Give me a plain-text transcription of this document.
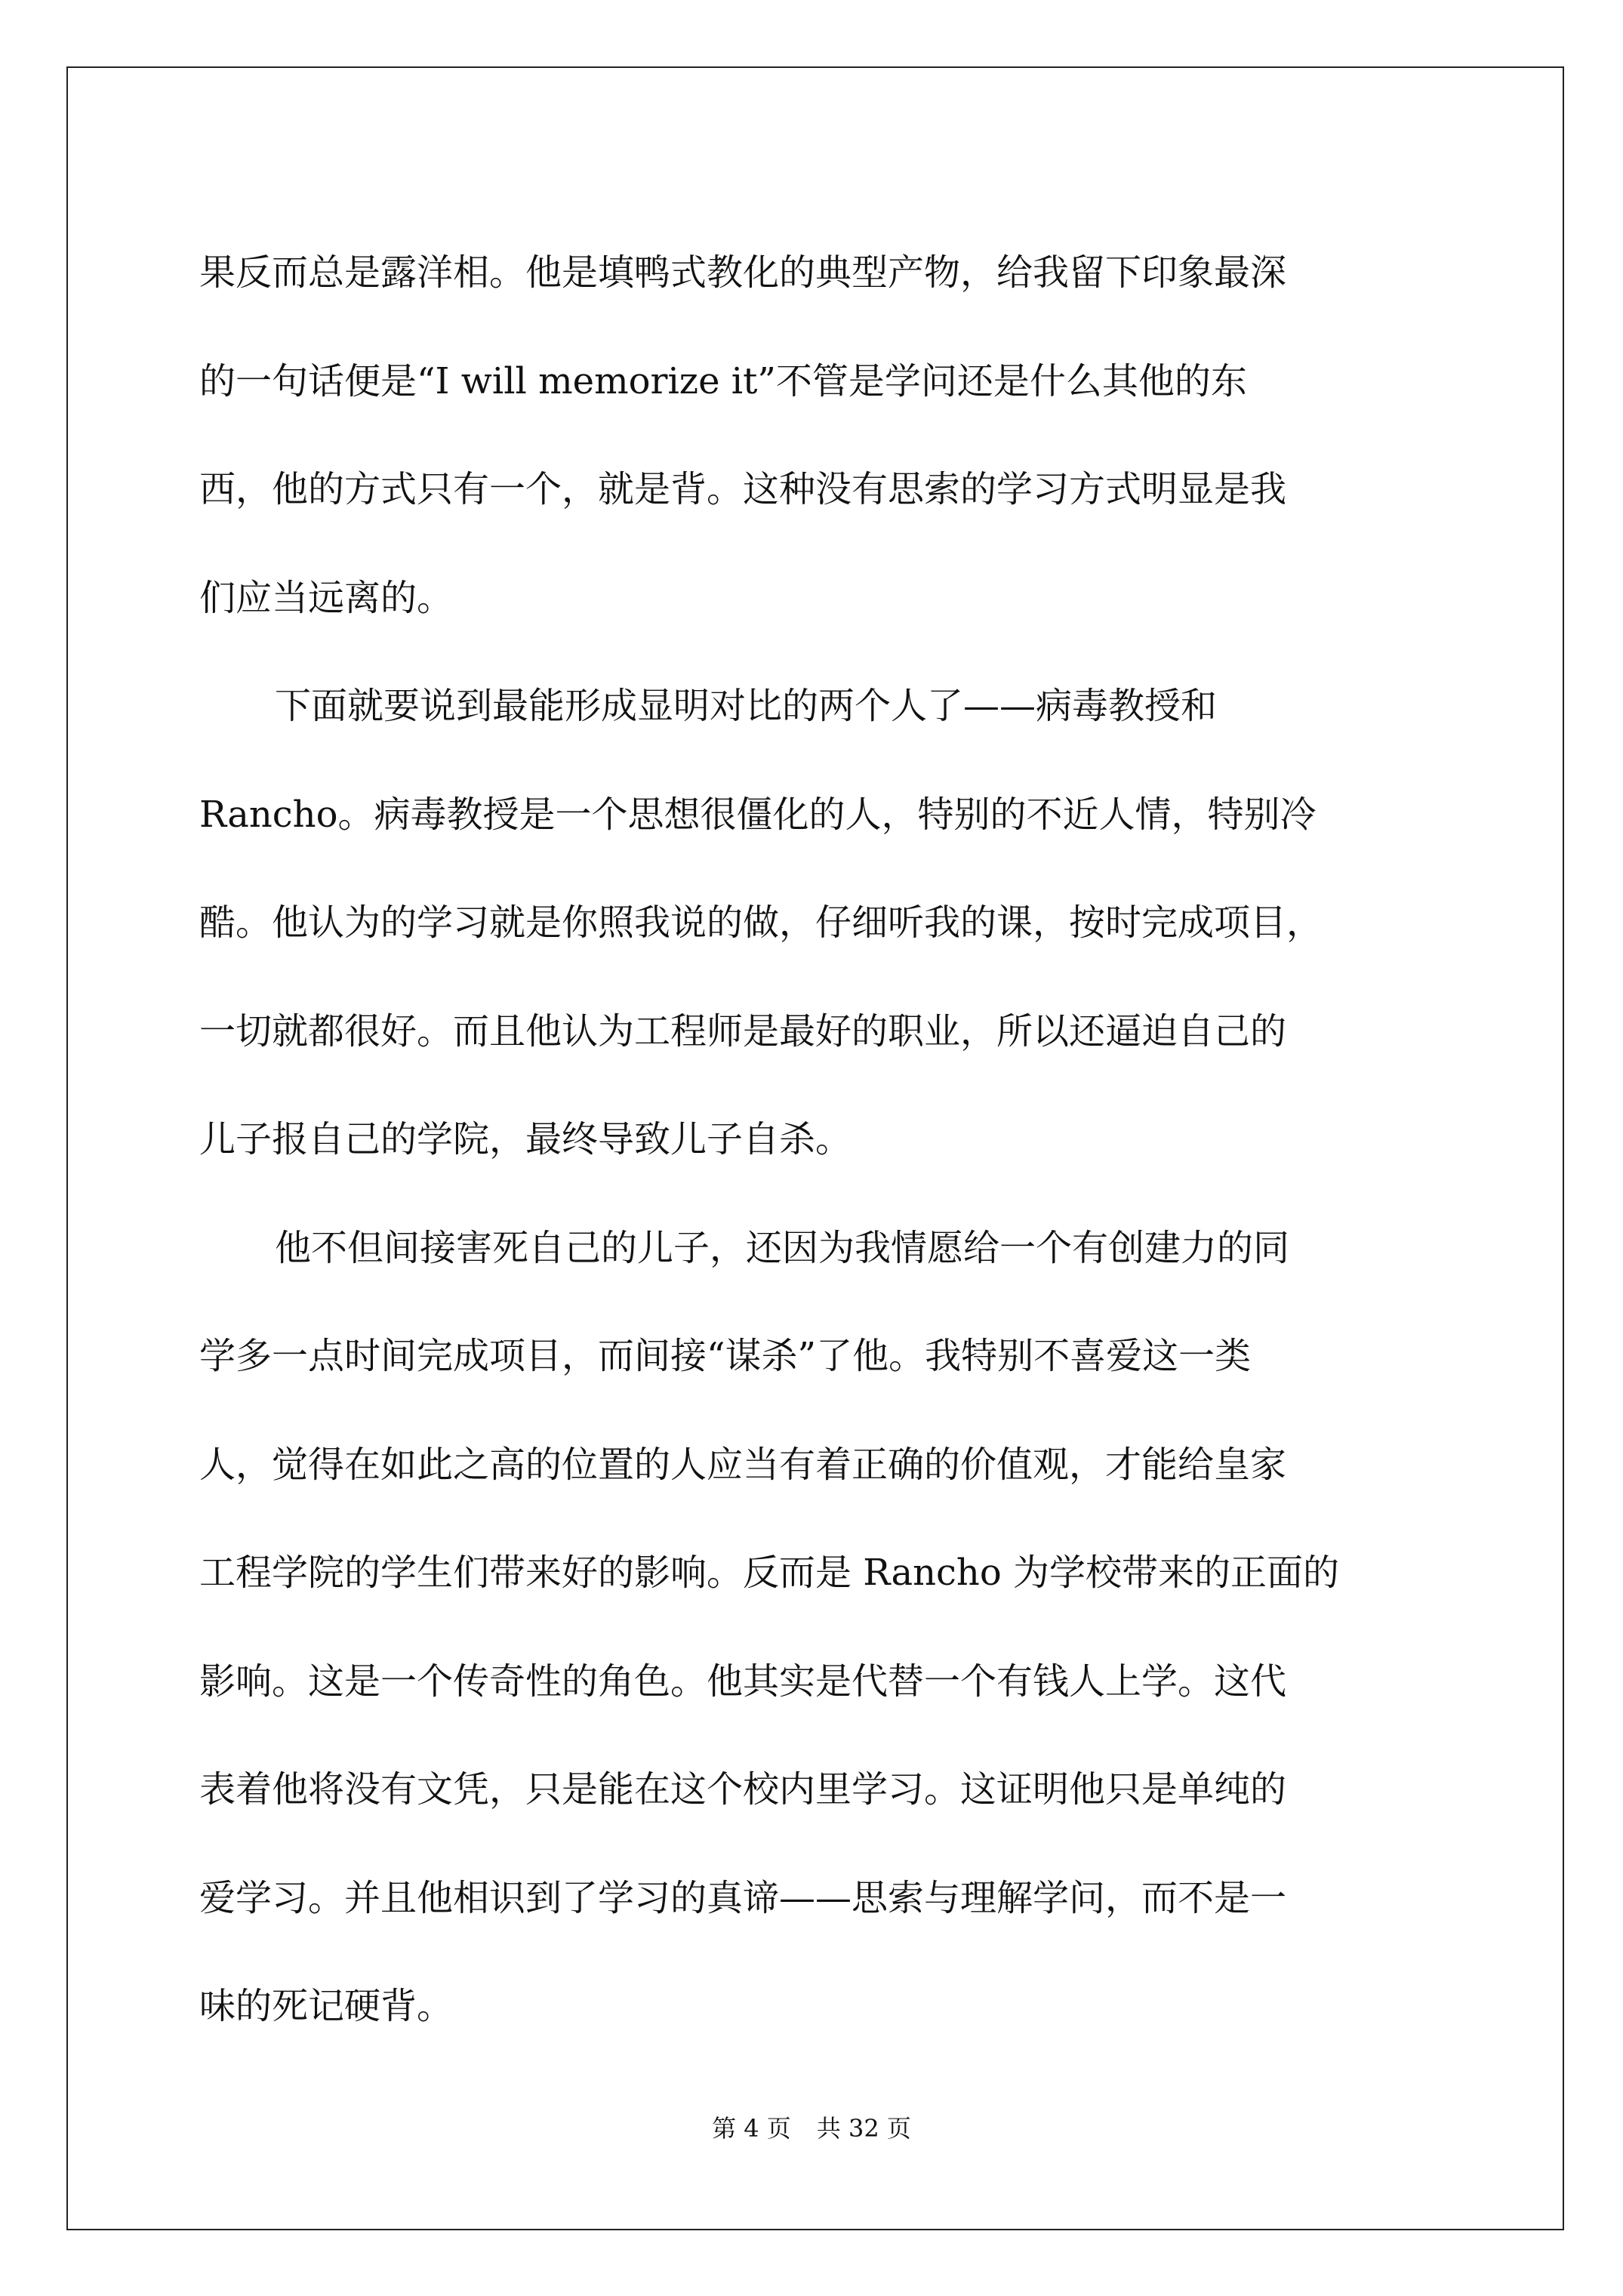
果反而总是露洋相。他是填鸭式教化的典型产物，给我留下印象最深
的一句话便是“I will memorize it”不管是学问还是什么其他的东
西，他的方式只有一个，就是背。这种没有思索的学习方式明显是我
们应当远离的。
下面就要说到最能形成显明对比的两个人了——病毒教授和
Rancho。病毒教授是一个思想很僵化的人，特别的不近人情，特别冷
酷。他认为的学习就是你照我说的做，仔细听我的课，按时完成项目，
一切就都很好。而且他认为工程师是最好的职业，所以还逼迫自己的
儿子报自己的学院，最终导致儿子自杀。
他不但间接害死自己的儿子，还因为我情愿给一个有创建力的同
学多一点时间完成项目，而间接“谋杀”了他。我特别不喜爱这一类
人，觉得在如此之高的位置的人应当有着正确的价值观，才能给皇家
工程学院的学生们带来好的影响。反而是 Rancho 为学校带来的正面的
影响。这是一个传奇性的角色。他其实是代替一个有钱人上学。这代
表着他将没有文凭，只是能在这个校内里学习。这证明他只是单纯的
爱学习。并且他相识到了学习的真谛——思索与理解学问，而不是一
味的死记硬背。
第 4 页 共 32 页
